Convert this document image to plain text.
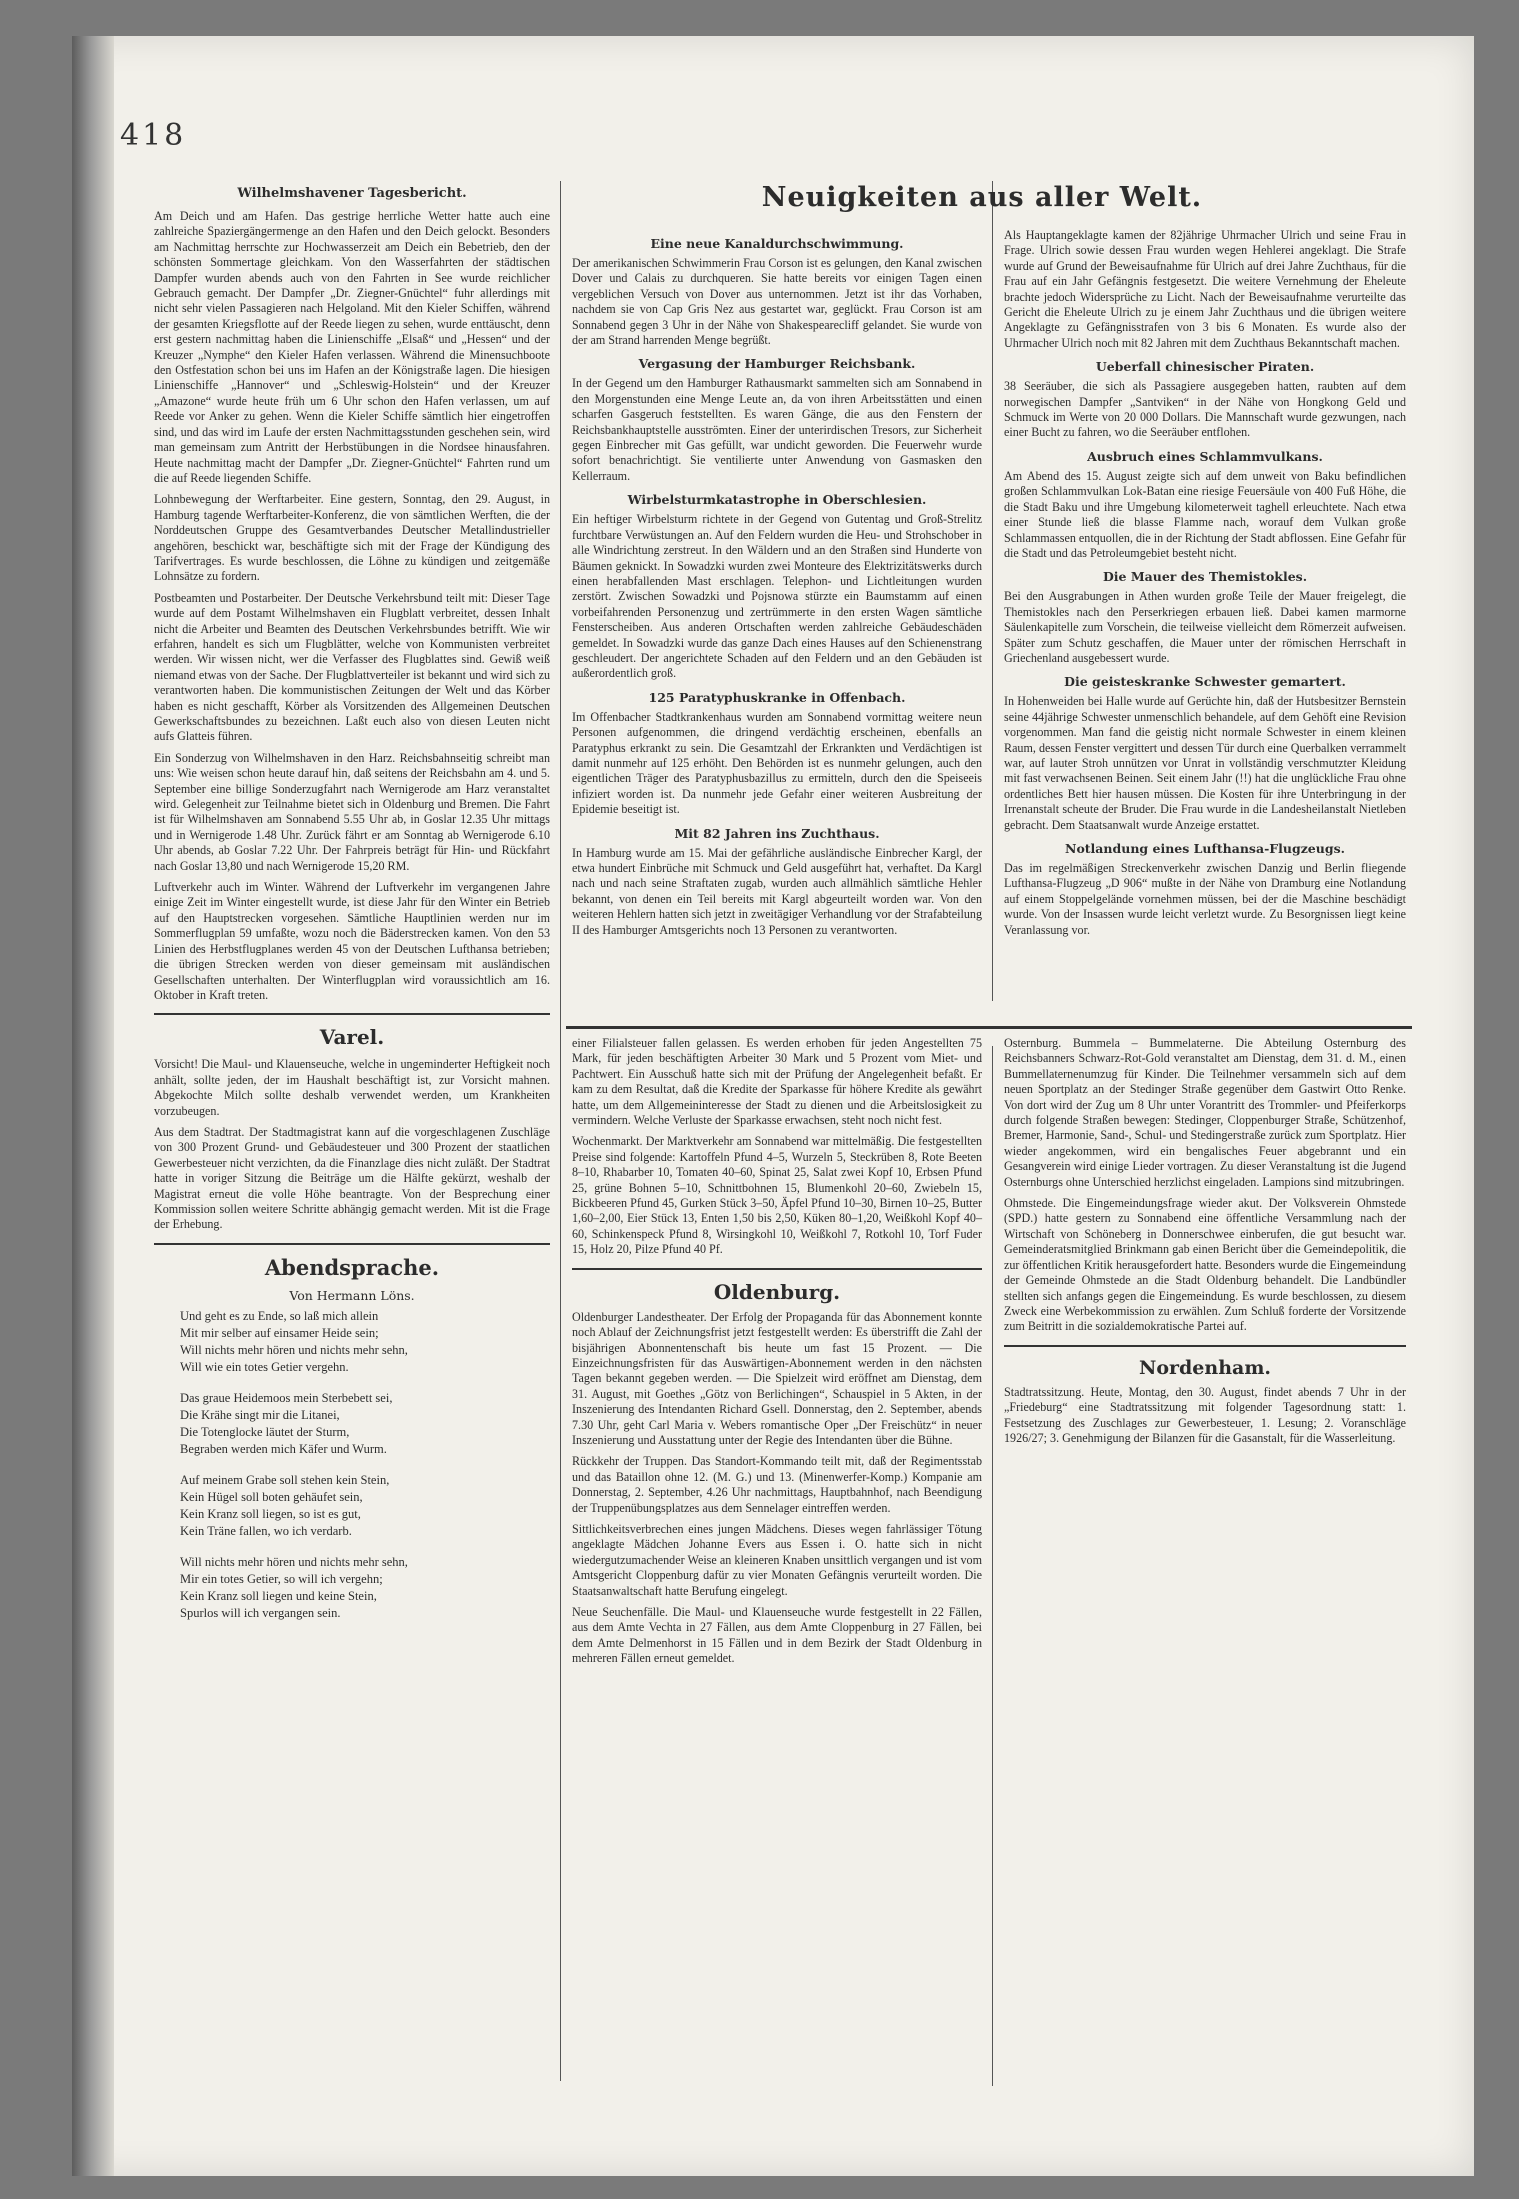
418
Wilhelmshavener Tagesbericht.

Am Deich und am Hafen. Das gestrige herrliche Wetter hatte auch eine zahlreiche Spaziergängermenge an den Hafen und den Deich gelockt. Besonders am Nachmittag herrschte zur Hochwasserzeit am Deich ein Bebetrieb, den der schönsten Sommertage gleichkam. Von den Wasserfahrten der städtischen Dampfer wurden abends auch von den Fahrten in See wurde reichlicher Gebrauch gemacht. Der Dampfer „Dr. Ziegner-Gnüchtel“ fuhr allerdings mit nicht sehr vielen Passagieren nach Helgoland. Mit den Kieler Schiffen, während der gesamten Kriegsflotte auf der Reede liegen zu sehen, wurde enttäuscht, denn erst gestern nachmittag haben die Linienschiffe „Elsaß“ und „Hessen“ und der Kreuzer „Nymphe“ den Kieler Hafen verlassen. Während die Minensuchboote den Ostfestation schon bei uns im Hafen an der Königstraße lagen. Die hiesigen Linienschiffe „Hannover“ und „Schleswig-Holstein“ und der Kreuzer „Amazone“ wurde heute früh um 6 Uhr schon den Hafen verlassen, um auf Reede vor Anker zu gehen. Wenn die Kieler Schiffe sämtlich hier eingetroffen sind, und das wird im Laufe der ersten Nachmittagsstunden geschehen sein, wird man gemeinsam zum Antritt der Herbstübungen in die Nordsee hinausfahren. Heute nachmittag macht der Dampfer „Dr. Ziegner-Gnüchtel“ Fahrten rund um die auf Reede liegenden Schiffe.

Lohnbewegung der Werftarbeiter. Eine gestern, Sonntag, den 29. August, in Hamburg tagende Werftarbeiter-Konferenz, die von sämtlichen Werften, die der Norddeutschen Gruppe des Gesamtverbandes Deutscher Metallindustrieller angehören, beschickt war, beschäftigte sich mit der Frage der Kündigung des Tarifvertrages. Es wurde beschlossen, die Löhne zu kündigen und zeitgemäße Lohnsätze zu fordern.

Postbeamten und Postarbeiter. Der Deutsche Verkehrsbund teilt mit: Dieser Tage wurde auf dem Postamt Wilhelmshaven ein Flugblatt verbreitet, dessen Inhalt nicht die Arbeiter und Beamten des Deutschen Verkehrsbundes betrifft. Wie wir erfahren, handelt es sich um Flugblätter, welche von Kommunisten verbreitet werden. Wir wissen nicht, wer die Verfasser des Flugblattes sind. Gewiß weiß niemand etwas von der Sache. Der Flugblattverteiler ist bekannt und wird sich zu verantworten haben. Die kommunistischen Zeitungen der Welt und das Körber haben es nicht geschafft, Körber als Vorsitzenden des Allgemeinen Deutschen Gewerkschaftsbundes zu bezeichnen. Laßt euch also von diesen Leuten nicht aufs Glatteis führen.

Ein Sonderzug von Wilhelmshaven in den Harz. Reichsbahnseitig schreibt man uns: Wie weisen schon heute darauf hin, daß seitens der Reichsbahn am 4. und 5. September eine billige Sonderzugfahrt nach Wernigerode am Harz veranstaltet wird. Gelegenheit zur Teilnahme bietet sich in Oldenburg und Bremen. Die Fahrt ist für Wilhelmshaven am Sonnabend 5.55 Uhr ab, in Goslar 12.35 Uhr mittags und in Wernigerode 1.48 Uhr. Zurück fährt er am Sonntag ab Wernigerode 6.10 Uhr abends, ab Goslar 7.22 Uhr. Der Fahrpreis beträgt für Hin- und Rückfahrt nach Goslar 13,80 und nach Wernigerode 15,20 RM.

Luftverkehr auch im Winter. Während der Luftverkehr im vergangenen Jahre einige Zeit im Winter eingestellt wurde, ist diese Jahr für den Winter ein Betrieb auf den Hauptstrecken vorgesehen. Sämtliche Hauptlinien werden nur im Sommerflugplan 59 umfaßte, wozu noch die Bäderstrecken kamen. Von den 53 Linien des Herbstflugplanes werden 45 von der Deutschen Lufthansa betrieben; die übrigen Strecken werden von dieser gemeinsam mit ausländischen Gesellschaften unterhalten. Der Winterflugplan wird voraussichtlich am 16. Oktober in Kraft treten.

Varel.

Vorsicht! Die Maul- und Klauenseuche, welche in ungeminderter Heftigkeit noch anhält, sollte jeden, der im Haushalt beschäftigt ist, zur Vorsicht mahnen. Abgekochte Milch sollte deshalb verwendet werden, um Krankheiten vorzubeugen.

Aus dem Stadtrat. Der Stadtmagistrat kann auf die vorgeschlagenen Zuschläge von 300 Prozent Grund- und Gebäudesteuer und 300 Prozent der staatlichen Gewerbesteuer nicht verzichten, da die Finanzlage dies nicht zuläßt. Der Stadtrat hatte in voriger Sitzung die Beiträge um die Hälfte gekürzt, weshalb der Magistrat erneut die volle Höhe beantragte. Von der Besprechung einer Kommission sollen weitere Schritte abhängig gemacht werden. Mit ist die Frage der Erhebung.

Abendsprache.
Von Hermann Löns.

Und geht es zu Ende, so laß mich allein

Mit mir selber auf einsamer Heide sein;

Will nichts mehr hören und nichts mehr sehn,

Will wie ein totes Getier vergehn.

Das graue Heidemoos mein Sterbebett sei,

Die Krähe singt mir die Litanei,

Die Totenglocke läutet der Sturm,

Begraben werden mich Käfer und Wurm.

Auf meinem Grabe soll stehen kein Stein,

Kein Hügel soll boten gehäufet sein,

Kein Kranz soll liegen, so ist es gut,

Kein Träne fallen, wo ich verdarb.

Will nichts mehr hören und nichts mehr sehn,

Mir ein totes Getier, so will ich vergehn;

Kein Kranz soll liegen und keine Stein,

Spurlos will ich vergangen sein.

Neuigkeiten aus aller Welt.
Eine neue Kanaldurchschwimmung.

Der amerikanischen Schwimmerin Frau Corson ist es gelungen, den Kanal zwischen Dover und Calais zu durchqueren. Sie hatte bereits vor einigen Tagen einen vergeblichen Versuch von Dover aus unternommen. Jetzt ist ihr das Vorhaben, nachdem sie von Cap Gris Nez aus gestartet war, geglückt. Frau Corson ist am Sonnabend gegen 3 Uhr in der Nähe von Shakespearecliff gelandet. Sie wurde von der am Strand harrenden Menge begrüßt.

Vergasung der Hamburger Reichsbank.

In der Gegend um den Hamburger Rathausmarkt sammelten sich am Sonnabend in den Morgenstunden eine Menge Leute an, da von ihren Arbeitsstätten und einen scharfen Gasgeruch feststellten. Es waren Gänge, die aus den Fenstern der Reichsbankhauptstelle ausströmten. Einer der unterirdischen Tresors, zur Sicherheit gegen Einbrecher mit Gas gefüllt, war undicht geworden. Die Feuerwehr wurde sofort benachrichtigt. Sie ventilierte unter Anwendung von Gasmasken den Kellerraum.

Wirbelsturmkatastrophe in Oberschlesien.

Ein heftiger Wirbelsturm richtete in der Gegend von Gutentag und Groß-Strelitz furchtbare Verwüstungen an. Auf den Feldern wurden die Heu- und Strohschober in alle Windrichtung zerstreut. In den Wäldern und an den Straßen sind Hunderte von Bäumen geknickt. In Sowadzki wurden zwei Monteure des Elektrizitätswerks durch einen herabfallenden Mast erschlagen. Telephon- und Lichtleitungen wurden zerstört. Zwischen Sowadzki und Pojsnowa stürzte ein Baumstamm auf einen vorbeifahrenden Personenzug und zertrümmerte in den ersten Wagen sämtliche Fensterscheiben. Aus anderen Ortschaften werden zahlreiche Gebäudeschäden gemeldet. In Sowadzki wurde das ganze Dach eines Hauses auf den Schienenstrang geschleudert. Der angerichtete Schaden auf den Feldern und an den Gebäuden ist außerordentlich groß.

125 Paratyphuskranke in Offenbach.

Im Offenbacher Stadtkrankenhaus wurden am Sonnabend vormittag weitere neun Personen aufgenommen, die dringend verdächtig erscheinen, ebenfalls an Paratyphus erkrankt zu sein. Die Gesamtzahl der Erkrankten und Verdächtigen ist damit nunmehr auf 125 erhöht. Den Behörden ist es nunmehr gelungen, auch den eigentlichen Träger des Paratyphusbazillus zu ermitteln, durch den die Speiseeis infiziert worden ist. Da nunmehr jede Gefahr einer weiteren Ausbreitung der Epidemie beseitigt ist.

Mit 82 Jahren ins Zuchthaus.

In Hamburg wurde am 15. Mai der gefährliche ausländische Einbrecher Kargl, der etwa hundert Einbrüche mit Schmuck und Geld ausgeführt hat, verhaftet. Da Kargl nach und nach seine Straftaten zugab, wurden auch allmählich sämtliche Hehler bekannt, von denen ein Teil bereits mit Kargl abgeurteilt worden war. Von den weiteren Hehlern hatten sich jetzt in zweitägiger Verhandlung vor der Strafabteilung II des Hamburger Amtsgerichts noch 13 Personen zu verantworten.

Als Hauptangeklagte kamen der 82jährige Uhrmacher Ulrich und seine Frau in Frage. Ulrich sowie dessen Frau wurden wegen Hehlerei angeklagt. Die Strafe wurde auf Grund der Beweisaufnahme für Ulrich auf drei Jahre Zuchthaus, für die Frau auf ein Jahr Gefängnis festgesetzt. Die weitere Vernehmung der Eheleute brachte jedoch Widersprüche zu Licht. Nach der Beweisaufnahme verurteilte das Gericht die Eheleute Ulrich zu je einem Jahr Zuchthaus und die übrigen weitere Angeklagte zu Gefängnisstrafen von 3 bis 6 Monaten. Es wurde also der Uhrmacher Ulrich noch mit 82 Jahren mit dem Zuchthaus Bekanntschaft machen.

Ueberfall chinesischer Piraten.

38 Seeräuber, die sich als Passagiere ausgegeben hatten, raubten auf dem norwegischen Dampfer „Santviken“ in der Nähe von Hongkong Geld und Schmuck im Werte von 20 000 Dollars. Die Mannschaft wurde gezwungen, nach einer Bucht zu fahren, wo die Seeräuber entflohen.

Ausbruch eines Schlammvulkans.

Am Abend des 15. August zeigte sich auf dem unweit von Baku befindlichen großen Schlammvulkan Lok-Batan eine riesige Feuersäule von 400 Fuß Höhe, die die Stadt Baku und ihre Umgebung kilometerweit taghell erleuchtete. Nach etwa einer Stunde ließ die blasse Flamme nach, worauf dem Vulkan große Schlammassen entquollen, die in der Richtung der Stadt abflossen. Eine Gefahr für die Stadt und das Petroleumgebiet besteht nicht.

Die Mauer des Themistokles.

Bei den Ausgrabungen in Athen wurden große Teile der Mauer freigelegt, die Themistokles nach den Perserkriegen erbauen ließ. Dabei kamen marmorne Säulenkapitelle zum Vorschein, die teilweise vielleicht dem Römerzeit aufweisen. Später zum Schutz geschaffen, die Mauer unter der römischen Herrschaft in Griechenland ausgebessert wurde.

Die geisteskranke Schwester gemartert.

In Hohenweiden bei Halle wurde auf Gerüchte hin, daß der Hutsbesitzer Bernstein seine 44jährige Schwester unmenschlich behandele, auf dem Gehöft eine Revision vorgenommen. Man fand die geistig nicht normale Schwester in einem kleinen Raum, dessen Fenster vergittert und dessen Tür durch eine Querbalken verrammelt war, auf lauter Stroh unnützen vor Unrat in vollständig verschmutzter Kleidung mit fast verwachsenen Beinen. Seit einem Jahr (!!) hat die unglückliche Frau ohne ordentliches Bett hier hausen müssen. Die Kosten für ihre Unterbringung in der Irrenanstalt scheute der Bruder. Die Frau wurde in die Landesheilanstalt Nietleben gebracht. Dem Staatsanwalt wurde Anzeige erstattet.

Notlandung eines Lufthansa-Flugzeugs.

Das im regelmäßigen Streckenverkehr zwischen Danzig und Berlin fliegende Lufthansa-Flugzeug „D 906“ mußte in der Nähe von Dramburg eine Notlandung auf einem Stoppelgelände vornehmen müssen, bei der die Maschine beschädigt wurde. Von der Insassen wurde leicht verletzt wurde. Zu Besorgnissen liegt keine Veranlassung vor.

einer Filialsteuer fallen gelassen. Es werden erhoben für jeden Angestellten 75 Mark, für jeden beschäftigten Arbeiter 30 Mark und 5 Prozent vom Miet- und Pachtwert. Ein Ausschuß hatte sich mit der Prüfung der Angelegenheit befaßt. Er kam zu dem Resultat, daß die Kredite der Sparkasse für höhere Kredite als gewährt hatte, um dem Allgemeininteresse der Stadt zu dienen und die Arbeitslosigkeit zu vermindern. Welche Verluste der Sparkasse erwachsen, steht noch nicht fest.

Wochenmarkt. Der Marktverkehr am Sonnabend war mittelmäßig. Die festgestellten Preise sind folgende: Kartoffeln Pfund 4–5, Wurzeln 5, Steckrüben 8, Rote Beeten 8–10, Rhabarber 10, Tomaten 40–60, Spinat 25, Salat zwei Kopf 10, Erbsen Pfund 25, grüne Bohnen 5–10, Schnittbohnen 15, Blumenkohl 20–60, Zwiebeln 15, Bickbeeren Pfund 45, Gurken Stück 3–50, Äpfel Pfund 10–30, Birnen 10–25, Butter 1,60–2,00, Eier Stück 13, Enten 1,50 bis 2,50, Küken 80–1,20, Weißkohl Kopf 40–60, Schinkenspeck Pfund 8, Wirsingkohl 10, Weißkohl 7, Rotkohl 10, Torf Fuder 15, Holz 20, Pilze Pfund 40 Pf.

Oldenburg.

Oldenburger Landestheater. Der Erfolg der Propaganda für das Abonnement konnte noch Ablauf der Zeichnungsfrist jetzt festgestellt werden: Es überstrifft die Zahl der bisjährigen Abonnentenschaft bis heute um fast 15 Prozent. — Die Einzeichnungsfristen für das Auswärtigen-Abonnement werden in den nächsten Tagen bekannt gegeben werden. — Die Spielzeit wird eröffnet am Dienstag, dem 31. August, mit Goethes „Götz von Berlichingen“, Schauspiel in 5 Akten, in der Inszenierung des Intendanten Richard Gsell. Donnerstag, den 2. September, abends 7.30 Uhr, geht Carl Maria v. Webers romantische Oper „Der Freischütz“ in neuer Inszenierung und Ausstattung unter der Regie des Intendanten über die Bühne.

Rückkehr der Truppen. Das Standort-Kommando teilt mit, daß der Regimentsstab und das Bataillon ohne 12. (M. G.) und 13. (Minenwerfer-Komp.) Kompanie am Donnerstag, 2. September, 4.26 Uhr nachmittags, Hauptbahnhof, nach Beendigung der Truppenübungsplatzes aus dem Sennelager eintreffen werden.

Sittlichkeitsverbrechen eines jungen Mädchens. Dieses wegen fahrlässiger Tötung angeklagte Mädchen Johanne Evers aus Essen i. O. hatte sich in nicht wiedergutzumachender Weise an kleineren Knaben unsittlich vergangen und ist vom Amtsgericht Cloppenburg dafür zu vier Monaten Gefängnis verurteilt worden. Die Staatsanwaltschaft hatte Berufung eingelegt.

Neue Seuchenfälle. Die Maul- und Klauenseuche wurde festgestellt in 22 Fällen, aus dem Amte Vechta in 27 Fällen, aus dem Amte Cloppenburg in 27 Fällen, bei dem Amte Delmenhorst in 15 Fällen und in dem Bezirk der Stadt Oldenburg in mehreren Fällen erneut gemeldet.

Osternburg. Bummela – Bummelaterne. Die Abteilung Osternburg des Reichsbanners Schwarz-Rot-Gold veranstaltet am Dienstag, dem 31. d. M., einen Bummellaternenumzug für Kinder. Die Teilnehmer versammeln sich auf dem neuen Sportplatz an der Stedinger Straße gegenüber dem Gastwirt Otto Renke. Von dort wird der Zug um 8 Uhr unter Vorantritt des Trommler- und Pfeiferkorps durch folgende Straßen bewegen: Stedinger, Cloppenburger Straße, Schützenhof, Bremer, Harmonie, Sand-, Schul- und Stedingerstraße zurück zum Sportplatz. Hier wieder angekommen, wird ein bengalisches Feuer abgebrannt und ein Gesangverein wird einige Lieder vortragen. Zu dieser Veranstaltung ist die Jugend Osternburgs ohne Unterschied herzlichst eingeladen. Lampions sind mitzubringen.

Ohmstede. Die Eingemeindungsfrage wieder akut. Der Volksverein Ohmstede (SPD.) hatte gestern zu Sonnabend eine öffentliche Versammlung nach der Wirtschaft von Schöneberg in Donnerschwee einberufen, die gut besucht war. Gemeinderatsmitglied Brinkmann gab einen Bericht über die Gemeindepolitik, die zur öffentlichen Kritik herausgefordert hatte. Besonders wurde die Eingemeindung der Gemeinde Ohmstede an die Stadt Oldenburg behandelt. Die Landbündler stellten sich anfangs gegen die Eingemeindung. Es wurde beschlossen, zu diesem Zweck eine Werbekommission zu erwählen. Zum Schluß forderte der Vorsitzende zum Beitritt in die sozialdemokratische Partei auf.

Nordenham.

Stadtratssitzung. Heute, Montag, den 30. August, findet abends 7 Uhr in der „Friedeburg“ eine Stadtratssitzung mit folgender Tagesordnung statt: 1. Festsetzung des Zuschlages zur Gewerbesteuer, 1. Lesung; 2. Voranschläge 1926/27; 3. Genehmigung der Bilanzen für die Gasanstalt, für die Wasserleitung.
